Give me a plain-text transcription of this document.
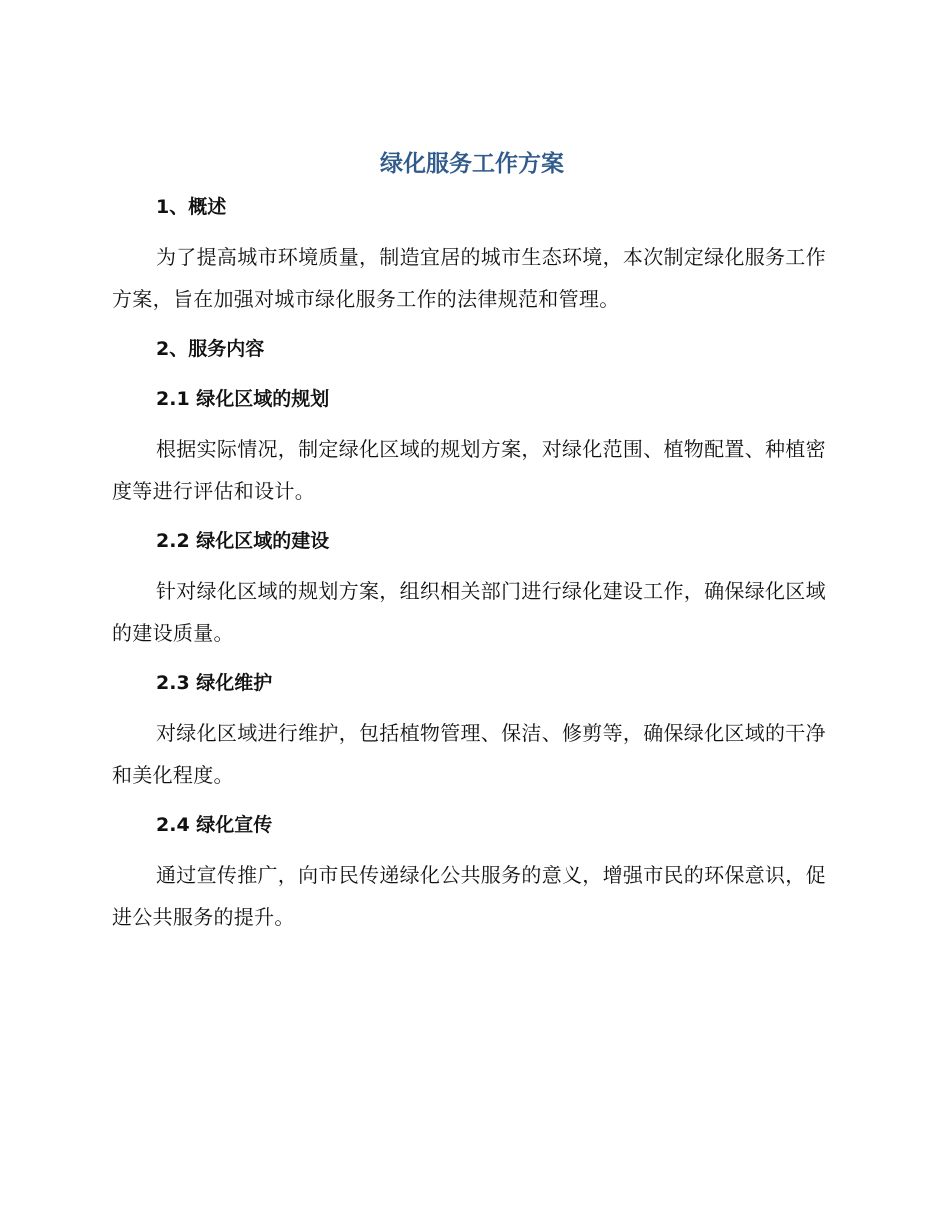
绿化服务工作方案
1、概述

为了提高城市环境质量，制造宜居的城市生态环境，本次制定绿化服务工作方案，旨在加强对城市绿化服务工作的法律规范和管理。

2、服务内容
2.1 绿化区域的规划

根据实际情况，制定绿化区域的规划方案，对绿化范围、植物配置、种植密度等进行评估和设计。

2.2 绿化区域的建设

针对绿化区域的规划方案，组织相关部门进行绿化建设工作，确保绿化区域的建设质量。

2.3 绿化维护

对绿化区域进行维护，包括植物管理、保洁、修剪等，确保绿化区域的干净和美化程度。

2.4 绿化宣传

通过宣传推广，向市民传递绿化公共服务的意义，增强市民的环保意识，促进公共服务的提升。
